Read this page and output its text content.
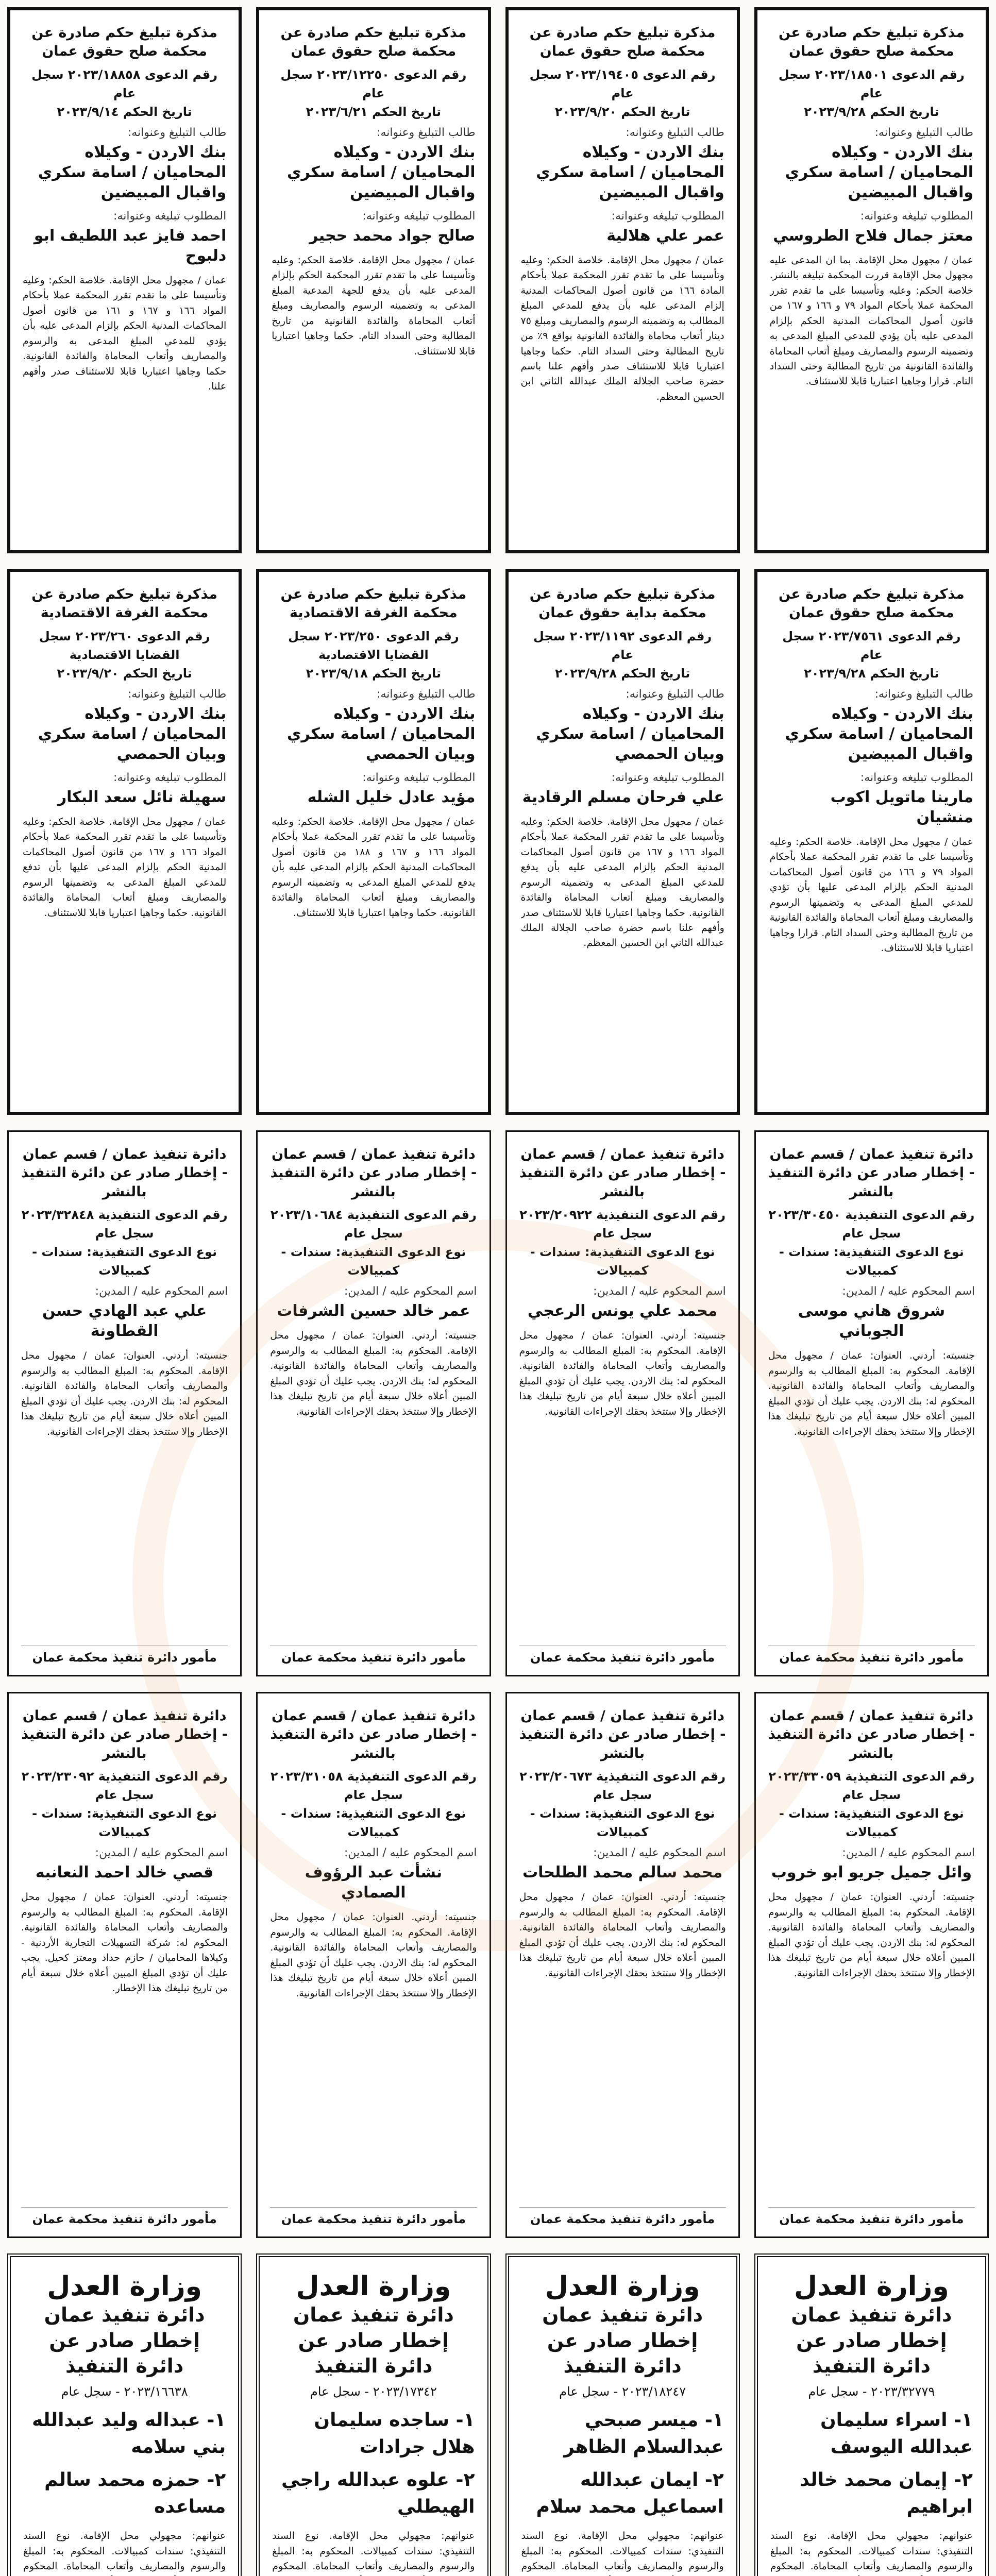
مذكرة تبليغ حكم صادرة عن محكمة صلح حقوق عمان
رقم الدعوى ٢٠٢٣/١٨٥٠١ سجل عام
تاريخ الحكم ٢٠٢٣/٩/٢٨
طالب التبليغ وعنوانه:
بنك الاردن - وكيلاه المحاميان / اسامة سكري واقبال المبيضين
المطلوب تبليغه وعنوانه:
معتز جمال فلاح الطروسي
عمان / مجهول محل الإقامة. بما ان المدعى عليه مجهول محل الإقامة قررت المحكمة تبليغه بالنشر. خلاصة الحكم: وعليه وتأسيسا على ما تقدم تقرر المحكمة عملا بأحكام المواد ٧٩ و ١٦٦ و ١٦٧ من قانون أصول المحاكمات المدنية الحكم بإلزام المدعى عليه بأن يؤدي للمدعي المبلغ المدعى به وتضمينه الرسوم والمصاريف ومبلغ أتعاب المحاماة والفائدة القانونية من تاريخ المطالبة وحتى السداد التام. قرارا وجاهيا اعتباريا قابلا للاستئناف.
مذكرة تبليغ حكم صادرة عن محكمة صلح حقوق عمان
رقم الدعوى ٢٠٢٣/١٩٤٠٥ سجل عام
تاريخ الحكم ٢٠٢٣/٩/٢٠
طالب التبليغ وعنوانه:
بنك الاردن - وكيلاه المحاميان / اسامة سكري واقبال المبيضين
المطلوب تبليغه وعنوانه:
عمر علي هلالية
عمان / مجهول محل الإقامة. خلاصة الحكم: وعليه وتأسيسا على ما تقدم تقرر المحكمة عملا بأحكام المادة ١٦٦ من قانون أصول المحاكمات المدنية إلزام المدعى عليه بأن يدفع للمدعي المبلغ المطالب به وتضمينه الرسوم والمصاريف ومبلغ ٧٥ دينار أتعاب محاماة والفائدة القانونية بواقع ٩٪ من تاريخ المطالبة وحتى السداد التام. حكما وجاهيا اعتباريا قابلا للاستئناف صدر وأفهم علنا باسم حضرة صاحب الجلالة الملك عبدالله الثاني ابن الحسين المعظم.
مذكرة تبليغ حكم صادرة عن محكمة صلح حقوق عمان
رقم الدعوى ٢٠٢٣/١٢٢٥٠ سجل عام
تاريخ الحكم ٢٠٢٣/٦/٢١
طالب التبليغ وعنوانه:
بنك الاردن - وكيلاه المحاميان / اسامة سكري واقبال المبيضين
المطلوب تبليغه وعنوانه:
صالح جواد محمد حجير
عمان / مجهول محل الإقامة. خلاصة الحكم: وعليه وتأسيسا على ما تقدم تقرر المحكمة الحكم بإلزام المدعى عليه بأن يدفع للجهة المدعية المبلغ المدعى به وتضمينه الرسوم والمصاريف ومبلغ أتعاب المحاماة والفائدة القانونية من تاريخ المطالبة وحتى السداد التام. حكما وجاهيا اعتباريا قابلا للاستئناف.
مذكرة تبليغ حكم صادرة عن محكمة صلح حقوق عمان
رقم الدعوى ٢٠٢٣/١٨٨٥٨ سجل عام
تاريخ الحكم ٢٠٢٣/٩/١٤
طالب التبليغ وعنوانه:
بنك الاردن - وكيلاه المحاميان / اسامة سكري واقبال المبيضين
المطلوب تبليغه وعنوانه:
احمد فايز عبد اللطيف ابو دلبوح
عمان / مجهول محل الإقامة. خلاصة الحكم: وعليه وتأسيسا على ما تقدم تقرر المحكمة عملا بأحكام المواد ١٦٦ و ١٦٧ و ١٦١ من قانون أصول المحاكمات المدنية الحكم بإلزام المدعى عليه بأن يؤدي للمدعي المبلغ المدعى به والرسوم والمصاريف وأتعاب المحاماة والفائدة القانونية. حكما وجاهيا اعتباريا قابلا للاستئناف صدر وأفهم علنا.
مذكرة تبليغ حكم صادرة عن محكمة صلح حقوق عمان
رقم الدعوى ٢٠٢٣/٧٥٦١ سجل عام
تاريخ الحكم ٢٠٢٣/٩/٢٨
طالب التبليغ وعنوانه:
بنك الاردن - وكيلاه المحاميان / اسامة سكري واقبال المبيضين
المطلوب تبليغه وعنوانه:
مارينا ماتويل اكوب منشيان
عمان / مجهول محل الإقامة. خلاصة الحكم: وعليه وتأسيسا على ما تقدم تقرر المحكمة عملا بأحكام المواد ٧٩ و ١٦٦ من قانون أصول المحاكمات المدنية الحكم بإلزام المدعى عليها بأن تؤدي للمدعي المبلغ المدعى به وتضمينها الرسوم والمصاريف ومبلغ أتعاب المحاماة والفائدة القانونية من تاريخ المطالبة وحتى السداد التام. قرارا وجاهيا اعتباريا قابلا للاستئناف.
مذكرة تبليغ حكم صادرة عن محكمة بداية حقوق عمان
رقم الدعوى ٢٠٢٣/١١٩٢ سجل عام
تاريخ الحكم ٢٠٢٣/٩/٢٨
طالب التبليغ وعنوانه:
بنك الاردن - وكيلاه المحاميان / اسامة سكري وبيان الحمصي
المطلوب تبليغه وعنوانه:
علي فرحان مسلم الرقادية
عمان / مجهول محل الإقامة. خلاصة الحكم: وعليه وتأسيسا على ما تقدم تقرر المحكمة عملا بأحكام المواد ١٦٦ و ١٦٧ من قانون أصول المحاكمات المدنية الحكم بإلزام المدعى عليه بأن يدفع للمدعي المبلغ المدعى به وتضمينه الرسوم والمصاريف ومبلغ أتعاب المحاماة والفائدة القانونية. حكما وجاهيا اعتباريا قابلا للاستئناف صدر وأفهم علنا باسم حضرة صاحب الجلالة الملك عبدالله الثاني ابن الحسين المعظم.
مذكرة تبليغ حكم صادرة عن محكمة الغرفة الاقتصادية
رقم الدعوى ٢٠٢٣/٢٥٠ سجل القضايا الاقتصادية
تاريخ الحكم ٢٠٢٣/٩/١٨
طالب التبليغ وعنوانه:
بنك الاردن - وكيلاه المحاميان / اسامة سكري وبيان الحمصي
المطلوب تبليغه وعنوانه:
مؤيد عادل خليل الشله
عمان / مجهول محل الإقامة. خلاصة الحكم: وعليه وتأسيسا على ما تقدم تقرر المحكمة عملا بأحكام المواد ١٦٦ و ١٦٧ و ١٨٨ من قانون أصول المحاكمات المدنية الحكم بإلزام المدعى عليه بأن يدفع للمدعي المبلغ المدعى به وتضمينه الرسوم والمصاريف ومبلغ أتعاب المحاماة والفائدة القانونية. حكما وجاهيا اعتباريا قابلا للاستئناف.
مذكرة تبليغ حكم صادرة عن محكمة الغرفة الاقتصادية
رقم الدعوى ٢٠٢٣/٢٦٠ سجل القضايا الاقتصادية
تاريخ الحكم ٢٠٢٣/٩/٢٠
طالب التبليغ وعنوانه:
بنك الاردن - وكيلاه المحاميان / اسامة سكري وبيان الحمصي
المطلوب تبليغه وعنوانه:
سهيلة نائل سعد البكار
عمان / مجهول محل الإقامة. خلاصة الحكم: وعليه وتأسيسا على ما تقدم تقرر المحكمة عملا بأحكام المواد ١٦٦ و ١٦٧ من قانون أصول المحاكمات المدنية الحكم بإلزام المدعى عليها بأن تدفع للمدعي المبلغ المدعى به وتضمينها الرسوم والمصاريف ومبلغ أتعاب المحاماة والفائدة القانونية. حكما وجاهيا اعتباريا قابلا للاستئناف.
دائرة تنفيذ عمان / قسم عمان - إخطار صادر عن دائرة التنفيذ بالنشر
رقم الدعوى التنفيذية ٢٠٢٣/٣٠٤٥٠ سجل عام
نوع الدعوى التنفيذية: سندات - كمبيالات
اسم المحكوم عليه / المدين:
شروق هاني موسى الجوباني
جنسيته: أردني. العنوان: عمان / مجهول محل الإقامة. المحكوم به: المبلغ المطالب به والرسوم والمصاريف وأتعاب المحاماة والفائدة القانونية. المحكوم له: بنك الاردن. يجب عليك أن تؤدي المبلغ المبين أعلاه خلال سبعة أيام من تاريخ تبليغك هذا الإخطار وإلا ستتخذ بحقك الإجراءات القانونية.
مأمور دائرة تنفيذ محكمة عمان
دائرة تنفيذ عمان / قسم عمان - إخطار صادر عن دائرة التنفيذ بالنشر
رقم الدعوى التنفيذية ٢٠٢٣/٢٠٩٢٢ سجل عام
نوع الدعوى التنفيذية: سندات - كمبيالات
اسم المحكوم عليه / المدين:
محمد علي يونس الرعجي
جنسيته: أردني. العنوان: عمان / مجهول محل الإقامة. المحكوم به: المبلغ المطالب به والرسوم والمصاريف وأتعاب المحاماة والفائدة القانونية. المحكوم له: بنك الاردن. يجب عليك أن تؤدي المبلغ المبين أعلاه خلال سبعة أيام من تاريخ تبليغك هذا الإخطار وإلا ستتخذ بحقك الإجراءات القانونية.
مأمور دائرة تنفيذ محكمة عمان
دائرة تنفيذ عمان / قسم عمان - إخطار صادر عن دائرة التنفيذ بالنشر
رقم الدعوى التنفيذية ٢٠٢٣/١٠٦٨٤ سجل عام
نوع الدعوى التنفيذية: سندات - كمبيالات
اسم المحكوم عليه / المدين:
عمر خالد حسين الشرفات
جنسيته: أردني. العنوان: عمان / مجهول محل الإقامة. المحكوم به: المبلغ المطالب به والرسوم والمصاريف وأتعاب المحاماة والفائدة القانونية. المحكوم له: بنك الاردن. يجب عليك أن تؤدي المبلغ المبين أعلاه خلال سبعة أيام من تاريخ تبليغك هذا الإخطار وإلا ستتخذ بحقك الإجراءات القانونية.
مأمور دائرة تنفيذ محكمة عمان
دائرة تنفيذ عمان / قسم عمان - إخطار صادر عن دائرة التنفيذ بالنشر
رقم الدعوى التنفيذية ٢٠٢٣/٣٢٨٤٨ سجل عام
نوع الدعوى التنفيذية: سندات - كمبيالات
اسم المحكوم عليه / المدين:
علي عبد الهادي حسن القطاونة
جنسيته: أردني. العنوان: عمان / مجهول محل الإقامة. المحكوم به: المبلغ المطالب به والرسوم والمصاريف وأتعاب المحاماة والفائدة القانونية. المحكوم له: بنك الاردن. يجب عليك أن تؤدي المبلغ المبين أعلاه خلال سبعة أيام من تاريخ تبليغك هذا الإخطار وإلا ستتخذ بحقك الإجراءات القانونية.
مأمور دائرة تنفيذ محكمة عمان
دائرة تنفيذ عمان / قسم عمان - إخطار صادر عن دائرة التنفيذ بالنشر
رقم الدعوى التنفيذية ٢٠٢٣/٣٣٠٥٩ سجل عام
نوع الدعوى التنفيذية: سندات - كمبيالات
اسم المحكوم عليه / المدين:
وائل جميل جريو ابو خروب
جنسيته: أردني. العنوان: عمان / مجهول محل الإقامة. المحكوم به: المبلغ المطالب به والرسوم والمصاريف وأتعاب المحاماة والفائدة القانونية. المحكوم له: بنك الاردن. يجب عليك أن تؤدي المبلغ المبين أعلاه خلال سبعة أيام من تاريخ تبليغك هذا الإخطار وإلا ستتخذ بحقك الإجراءات القانونية.
مأمور دائرة تنفيذ محكمة عمان
دائرة تنفيذ عمان / قسم عمان - إخطار صادر عن دائرة التنفيذ بالنشر
رقم الدعوى التنفيذية ٢٠٢٣/٢٠٦٧٣ سجل عام
نوع الدعوى التنفيذية: سندات - كمبيالات
اسم المحكوم عليه / المدين:
محمد سالم محمد الطلحات
جنسيته: أردني. العنوان: عمان / مجهول محل الإقامة. المحكوم به: المبلغ المطالب به والرسوم والمصاريف وأتعاب المحاماة والفائدة القانونية. المحكوم له: بنك الاردن. يجب عليك أن تؤدي المبلغ المبين أعلاه خلال سبعة أيام من تاريخ تبليغك هذا الإخطار وإلا ستتخذ بحقك الإجراءات القانونية.
مأمور دائرة تنفيذ محكمة عمان
دائرة تنفيذ عمان / قسم عمان - إخطار صادر عن دائرة التنفيذ بالنشر
رقم الدعوى التنفيذية ٢٠٢٣/٣١٠٥٨ سجل عام
نوع الدعوى التنفيذية: سندات - كمبيالات
اسم المحكوم عليه / المدين:
نشأت عبد الرؤوف الصمادي
جنسيته: أردني. العنوان: عمان / مجهول محل الإقامة. المحكوم به: المبلغ المطالب به والرسوم والمصاريف وأتعاب المحاماة والفائدة القانونية. المحكوم له: بنك الاردن. يجب عليك أن تؤدي المبلغ المبين أعلاه خلال سبعة أيام من تاريخ تبليغك هذا الإخطار وإلا ستتخذ بحقك الإجراءات القانونية.
مأمور دائرة تنفيذ محكمة عمان
دائرة تنفيذ عمان / قسم عمان - إخطار صادر عن دائرة التنفيذ بالنشر
رقم الدعوى التنفيذية ٢٠٢٣/٢٣٠٩٢ سجل عام
نوع الدعوى التنفيذية: سندات - كمبيالات
اسم المحكوم عليه / المدين:
قصي خالد احمد النعانبه
جنسيته: أردني. العنوان: عمان / مجهول محل الإقامة. المحكوم به: المبلغ المطالب به والرسوم والمصاريف وأتعاب المحاماة والفائدة القانونية. المحكوم له: شركة التسهيلات التجارية الأردنية - وكيلاها المحاميان / حازم حداد ومعتز كحيل. يجب عليك أن تؤدي المبلغ المبين أعلاه خلال سبعة أيام من تاريخ تبليغك هذا الإخطار.
مأمور دائرة تنفيذ محكمة عمان
وزارة العدل
دائرة تنفيذ عمان
إخطار صادر عن دائرة التنفيذ
٢٠٢٣/٣٢٧٧٩ - سجل عام
١- اسراء سليمان عبدالله اليوسف
٢- إيمان محمد خالد ابراهيم
عنوانهم: مجهولي محل الإقامة. نوع السند التنفيذي: سندات كمبيالات. المحكوم به: المبلغ والرسوم والمصاريف وأتعاب المحاماة. المحكوم
وزارة العدل
دائرة تنفيذ عمان
إخطار صادر عن دائرة التنفيذ
٢٠٢٣/١٨٢٤٧ - سجل عام
١- ميسر صبحي عبدالسلام الظاهر
٢- ايمان عبدالله اسماعيل محمد سلام
عنوانهم: مجهولي محل الإقامة. نوع السند التنفيذي: سندات كمبيالات. المحكوم به: المبلغ والرسوم والمصاريف وأتعاب المحاماة. المحكوم
وزارة العدل
دائرة تنفيذ عمان
إخطار صادر عن دائرة التنفيذ
٢٠٢٣/١٧٣٤٢ - سجل عام
١- ساجده سليمان هلال جرادات
٢- علوه عبدالله راجي الهيطلي
عنوانهم: مجهولي محل الإقامة. نوع السند التنفيذي: سندات كمبيالات. المحكوم به: المبلغ والرسوم والمصاريف وأتعاب المحاماة. المحكوم
وزارة العدل
دائرة تنفيذ عمان
إخطار صادر عن دائرة التنفيذ
٢٠٢٣/١٦٦٣٨ - سجل عام
١- عبداله وليد عبدالله بني سلامه
٢- حمزه محمد سالم مساعده
عنوانهم: مجهولي محل الإقامة. نوع السند التنفيذي: سندات كمبيالات. المحكوم به: المبلغ والرسوم والمصاريف وأتعاب المحاماة. المحكوم
